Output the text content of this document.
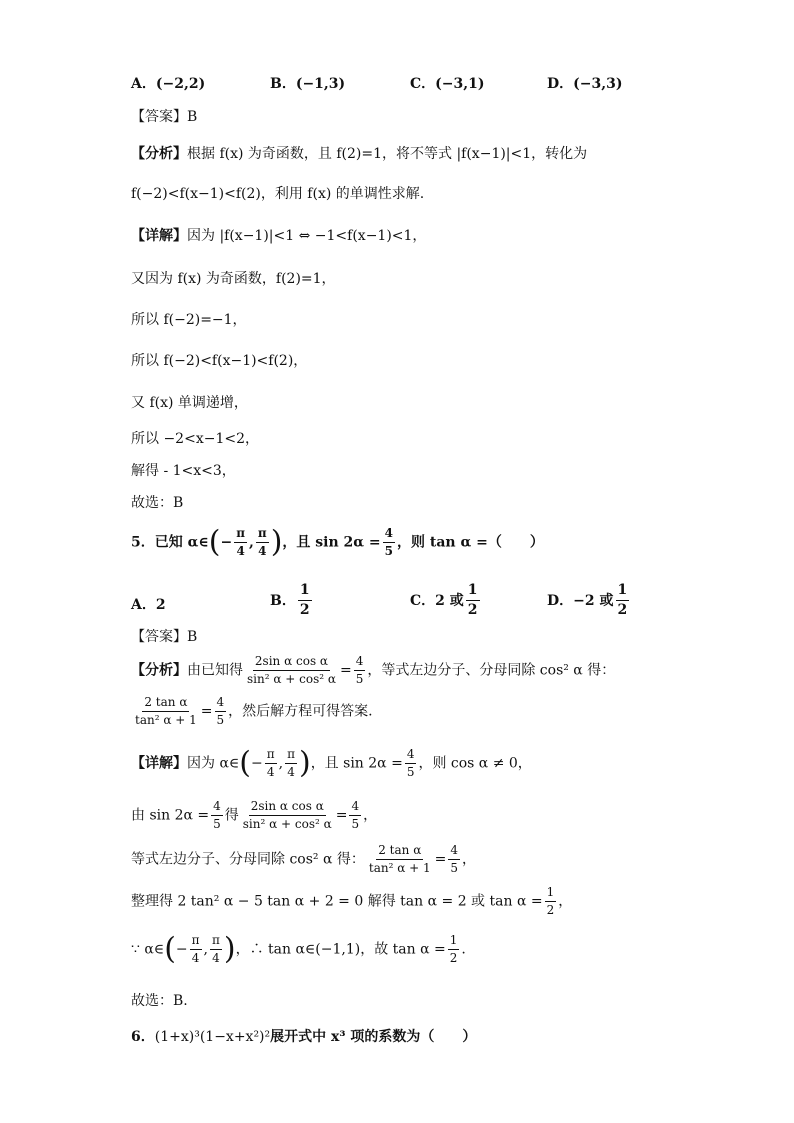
A．(−2,2)	B．(−1,3)	C．(−3,1)	D．(−3,3)
【答案】B
【分析】根据 f(x) 为奇函数，且 f(2)=1，将不等式 |f(x−1)|<1，转化为
f(−2)<f(x−1)<f(2)，利用 f(x) 的单调性求解.
【详解】因为 |f(x−1)|<1 ⇔ −1<f(x−1)<1，
又因为 f(x) 为奇函数，f(2)=1，
所以 f(−2)=−1，
所以 f(−2)<f(x−1)<f(2)，
又 f(x) 单调递增，
所以 −2<x−1<2，
解得 - 1<x<3，
故选：B
5．已知 α∈(− $\frac{\pi}{4}$ , $\frac{\pi}{4}$ )，且 $\sin 2\alpha = \frac{4}{5}$ ，则 tan α =（　　）
A．2	B． $\frac{1}{2}$	C．2 或 $\frac{1}{2}$	D．−2 或 $\frac{1}{2}$
【答案】B
【分析】由已知得 $\frac{\text{2sin α cos α}}{\text{sin² α + cos² α}} = \frac{4}{5}$ ，等式左边分子、分母同除 cos² α 得：
$\frac{\text{2 tan α}}{\text{tan² α + 1}} = \frac{4}{5}$ ，然后解方程可得答案.
【详解】因为 α∈(− $\frac{\pi}{4}$ , $\frac{\pi}{4}$ )，且 $\sin 2\alpha = \frac{4}{5}$ ，则 cos α ≠ 0，
由 $\sin 2\alpha = \frac{4}{5}$ 得 $\frac{\text{2sin α cos α}}{\text{sin² α + cos² α}} = \frac{4}{5}$ ，
等式左边分子、分母同除 cos² α 得： $\frac{\text{2 tan α}}{\text{tan² α + 1}} = \frac{4}{5}$ ，
整理得 2 tan² α − 5 tan α + 2 = 0 解得 tan α = 2 或 $\tan \alpha = \frac{1}{2}$ ，
∵ α∈(− $\frac{\pi}{4}$ , $\frac{\pi}{4}$ )，∴ tan α∈(−1,1)，故 $\tan \alpha = \frac{1}{2}$ .
故选：B.
6．(1+x)³(1−x+x²)²展开式中 x³ 项的系数为（　　）
